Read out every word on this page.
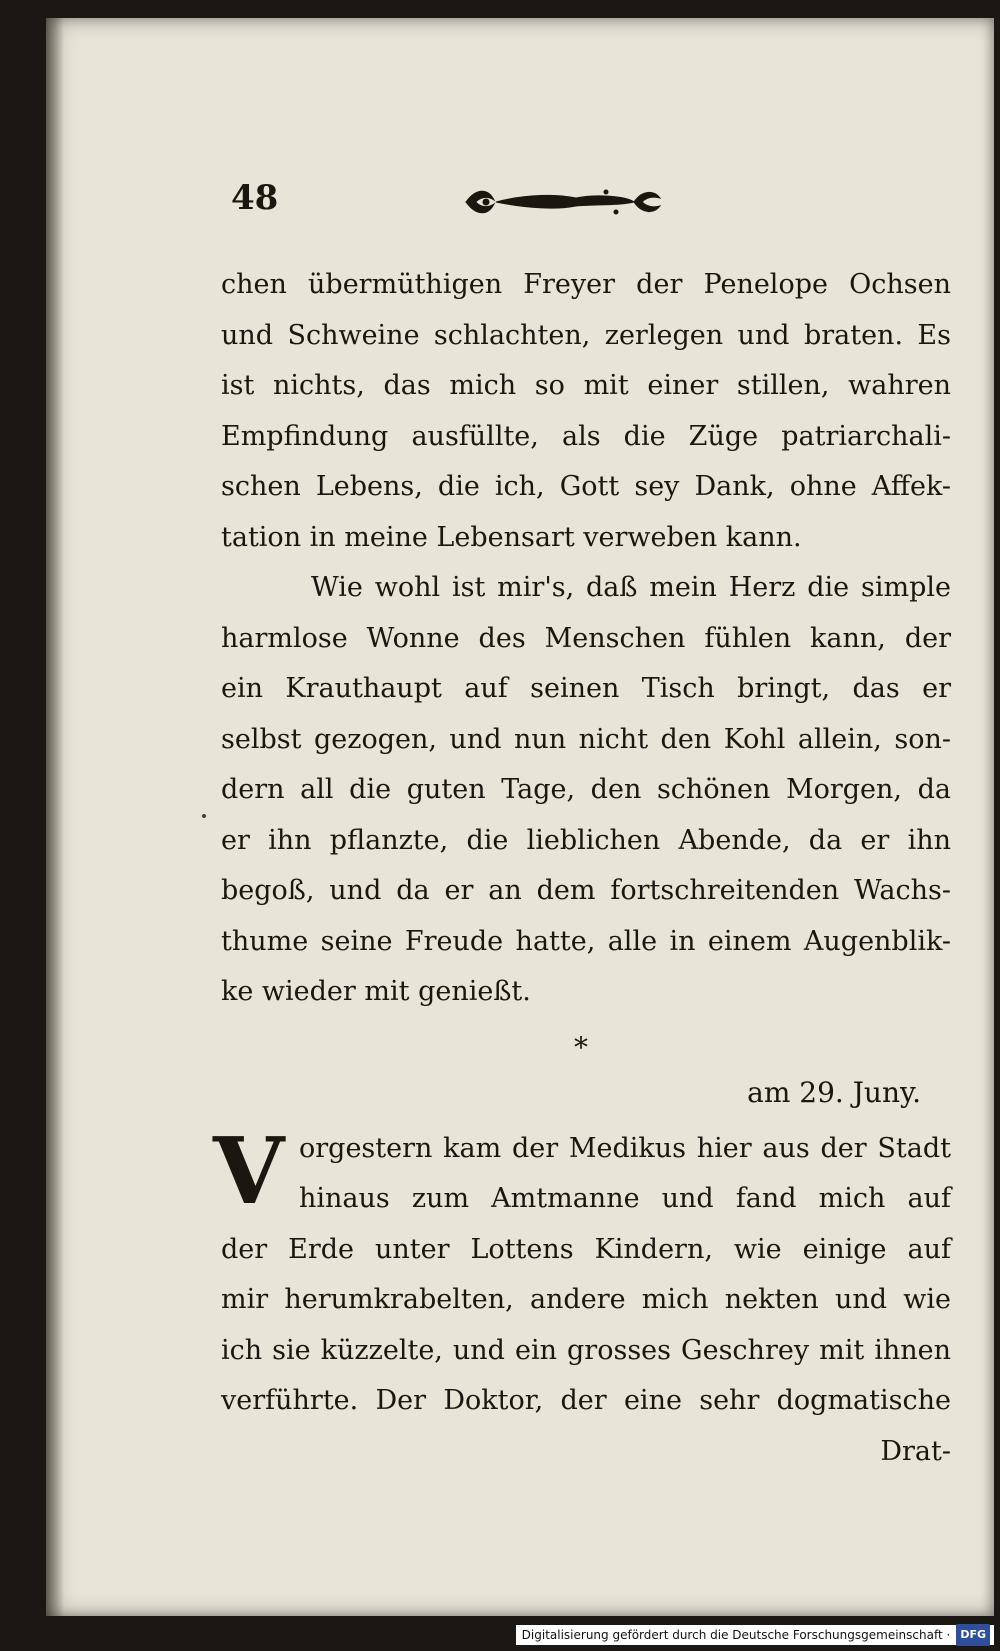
48
chen übermüthigen Freyer der Penelope Ochsen
und Schweine schlachten, zerlegen und braten. Es
ist nichts, das mich so mit einer stillen, wahren
Empfindung ausfüllte, als die Züge patriarchali-
schen Lebens, die ich, Gott sey Dank, ohne Affek-
tation in meine Lebensart verweben kann.
Wie wohl ist mir's, daß mein Herz die simple
harmlose Wonne des Menschen fühlen kann, der
ein Krauthaupt auf seinen Tisch bringt, das er
selbst gezogen, und nun nicht den Kohl allein, son-
dern all die guten Tage, den schönen Morgen, da
er ihn pflanzte, die lieblichen Abende, da er ihn
begoß, und da er an dem fortschreitenden Wachs-
thume seine Freude hatte, alle in einem Augenblik-
ke wieder mit genießt.
*
am 29. Juny.
V orgestern kam der Medikus hier aus der Stadt
hinaus zum Amtmanne und fand mich auf
der Erde unter Lottens Kindern, wie einige auf
mir herumkrabelten, andere mich nekten und wie
ich sie küzzelte, und ein grosses Geschrey mit ihnen
verführte. Der Doktor, der eine sehr dogmatische
Drat-
Digitalisierung gefördert durch die Deutsche Forschungsgemeinschaft · DFG
